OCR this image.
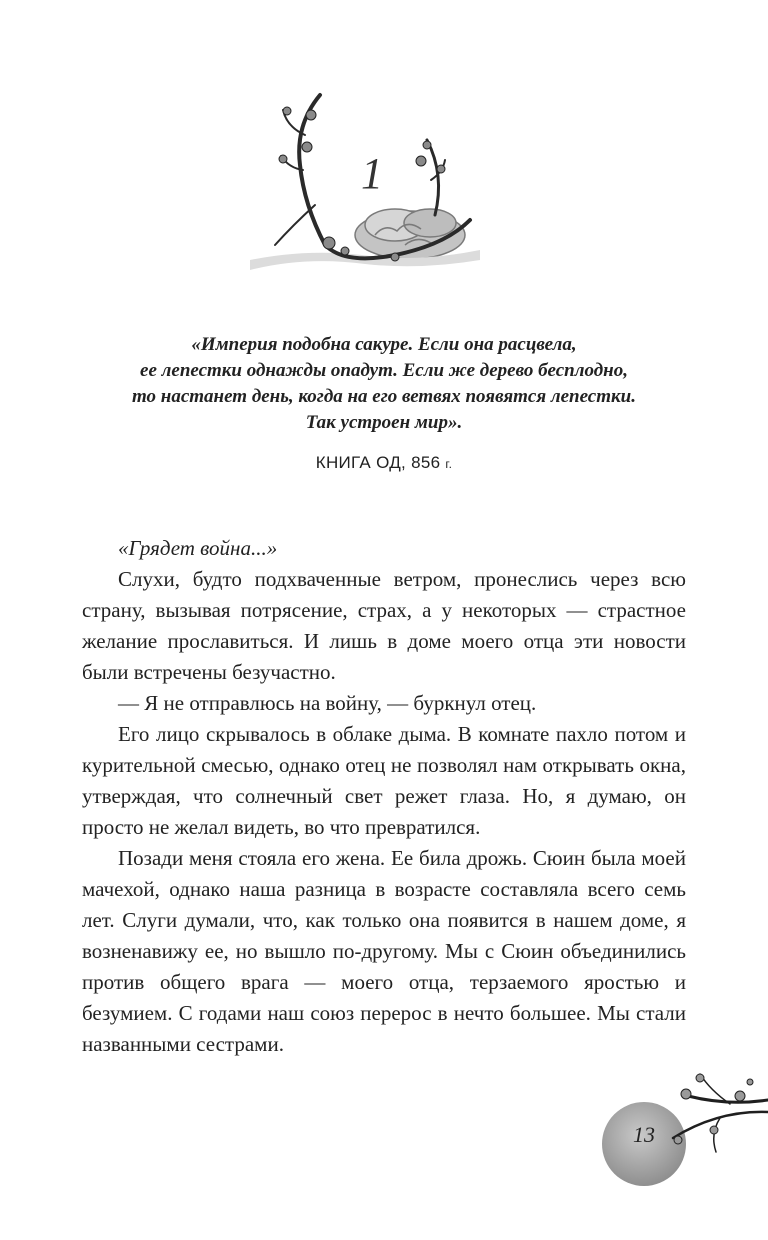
1

«Империя подобна сакуре. Если она расцвела,

ее лепестки однажды опадут. Если же дерево бесплодно,

то настанет день, когда на его ветвях появятся лепестки.

Так устроен мир».

КНИГА ОД, 856 г.

«Грядет война...»

Слухи, будто подхваченные ветром, пронеслись через всю страну, вызывая потрясение, страх, а у некоторых — страстное желание прославиться. И лишь в доме моего отца эти новости были встречены безучастно.

— Я не отправлюсь на войну, — буркнул отец.

Его лицо скрывалось в облаке дыма. В комнате пахло потом и курительной смесью, однако отец не позволял нам открывать окна, утверждая, что солнечный свет режет глаза. Но, я думаю, он просто не желал видеть, во что превратился.

Позади меня стояла его жена. Ее била дрожь. Сюин была моей мачехой, однако наша разница в возрасте составляла всего семь лет. Слуги думали, что, как только она появится в нашем доме, я возненавижу ее, но вышло по-другому. Мы с Сюин объединились против общего врага — моего отца, терзаемого яростью и безумием. С годами наш союз перерос в нечто большее. Мы стали названными сестрами.

13
